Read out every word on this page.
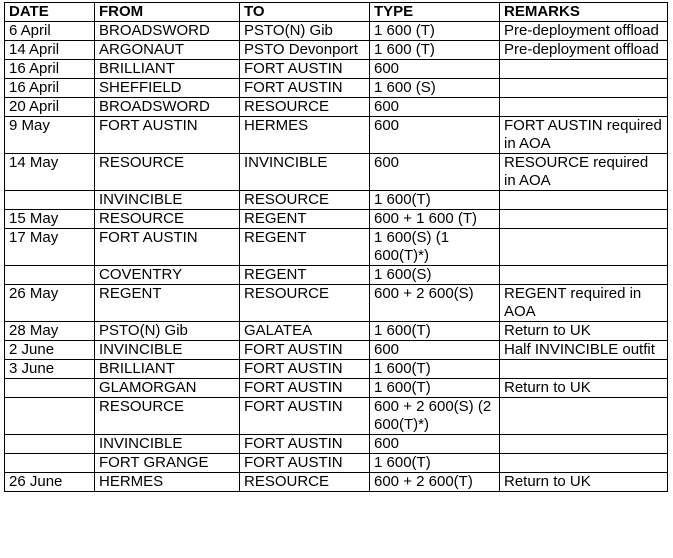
DATE	FROM	TO	TYPE	REMARKS
6 April	BROADSWORD	PSTO(N) Gib	1 600 (T)	Pre-deployment offload
14 April	ARGONAUT	PSTO Devonport	1 600 (T)	Pre-deployment offload
16 April	BRILLIANT	FORT AUSTIN	600	
16 April	SHEFFIELD	FORT AUSTIN	1 600 (S)	
20 April	BROADSWORD	RESOURCE	600	
9 May	FORT AUSTIN	HERMES	600	FORT AUSTIN required in AOA
14 May	RESOURCE	INVINCIBLE	600	RESOURCE required in AOA
	INVINCIBLE	RESOURCE	1 600(T)	
15 May	RESOURCE	REGENT	600 + 1 600 (T)	
17 May	FORT AUSTIN	REGENT	1 600(S) (1 600(T)*)	
	COVENTRY	REGENT	1 600(S)	
26 May	REGENT	RESOURCE	600 + 2 600(S)	REGENT required in AOA
28 May	PSTO(N) Gib	GALATEA	1 600(T)	Return to UK
2 June	INVINCIBLE	FORT AUSTIN	600	Half INVINCIBLE outfit
3 June	BRILLIANT	FORT AUSTIN	1 600(T)	
	GLAMORGAN	FORT AUSTIN	1 600(T)	Return to UK
	RESOURCE	FORT AUSTIN	600 + 2 600(S) (2 600(T)*)	
	INVINCIBLE	FORT AUSTIN	600	
	FORT GRANGE	FORT AUSTIN	1 600(T)	
26 June	HERMES	RESOURCE	600 + 2 600(T)	Return to UK
